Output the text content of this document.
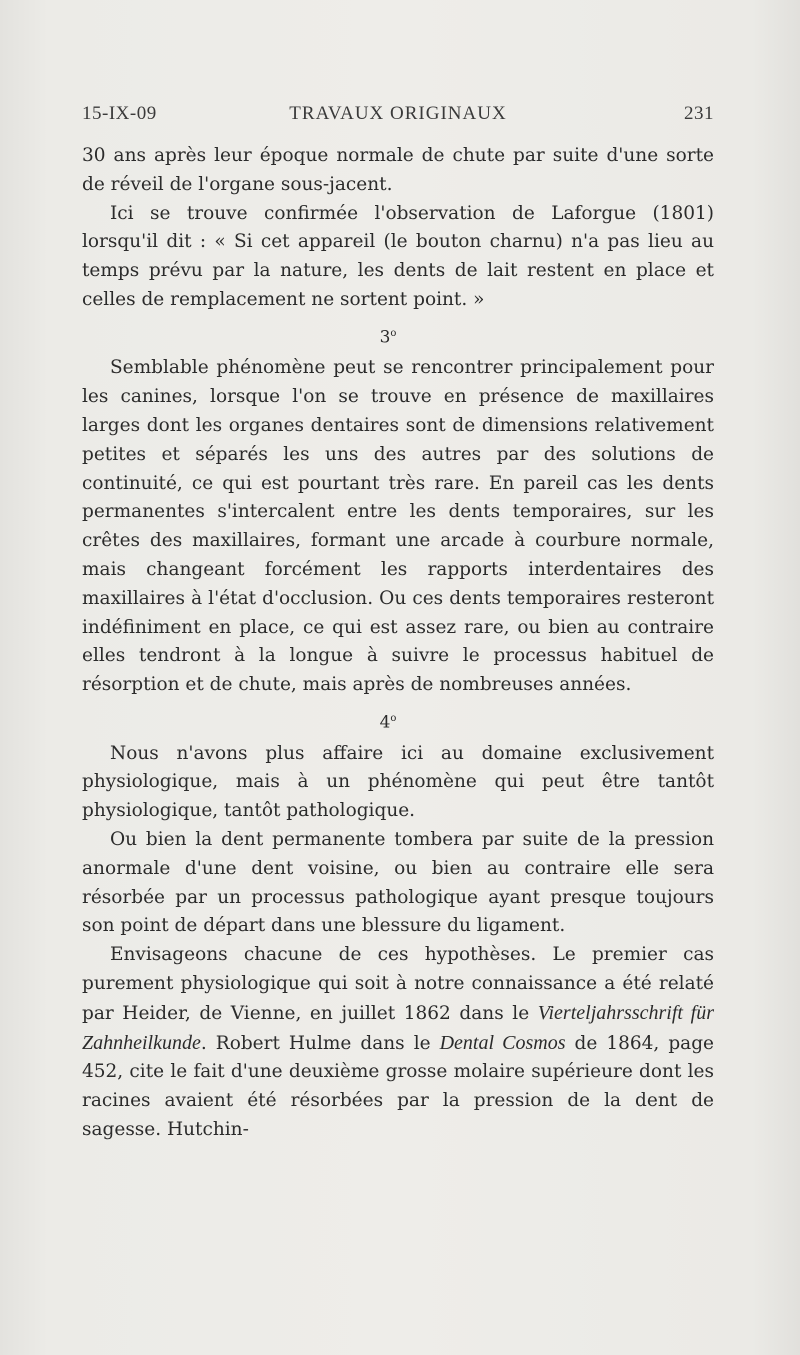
15-IX-09	TRAVAUX ORIGINAUX	231

30 ans après leur époque normale de chute par suite d'une sorte de réveil de l'organe sous-jacent.

Ici se trouve confirmée l'observation de Laforgue (1801) lorsqu'il dit : « Si cet appareil (le bouton charnu) n'a pas lieu au temps prévu par la nature, les dents de lait restent en place et celles de remplacement ne sortent point. »

3$^o$

Semblable phénomène peut se rencontrer principalement pour les canines, lorsque l'on se trouve en présence de maxillaires larges dont les organes dentaires sont de dimensions relativement petites et séparés les uns des autres par des solutions de continuité, ce qui est pourtant très rare. En pareil cas les dents permanentes s'intercalent entre les dents temporaires, sur les crêtes des maxillaires, formant une arcade à courbure normale, mais changeant forcément les rapports interdentaires des maxillaires à l'état d'occlusion. Ou ces dents temporaires resteront indéfiniment en place, ce qui est assez rare, ou bien au contraire elles tendront à la longue à suivre le processus habituel de résorption et de chute, mais après de nombreuses années.

4$^o$

Nous n'avons plus affaire ici au domaine exclusivement physiologique, mais à un phénomène qui peut être tantôt physiologique, tantôt pathologique.

Ou bien la dent permanente tombera par suite de la pression anormale d'une dent voisine, ou bien au contraire elle sera résorbée par un processus pathologique ayant presque toujours son point de départ dans une blessure du ligament.

Envisageons chacune de ces hypothèses. Le premier cas purement physiologique qui soit à notre connaissance a été relaté par Heider, de Vienne, en juillet 1862 dans le Vierteljahrsschrift für Zahnheilkunde. Robert Hulme dans le Dental Cosmos de 1864, page 452, cite le fait d'une deuxième grosse molaire supérieure dont les racines avaient été résorbées par la pression de la dent de sagesse. Hutchin-
